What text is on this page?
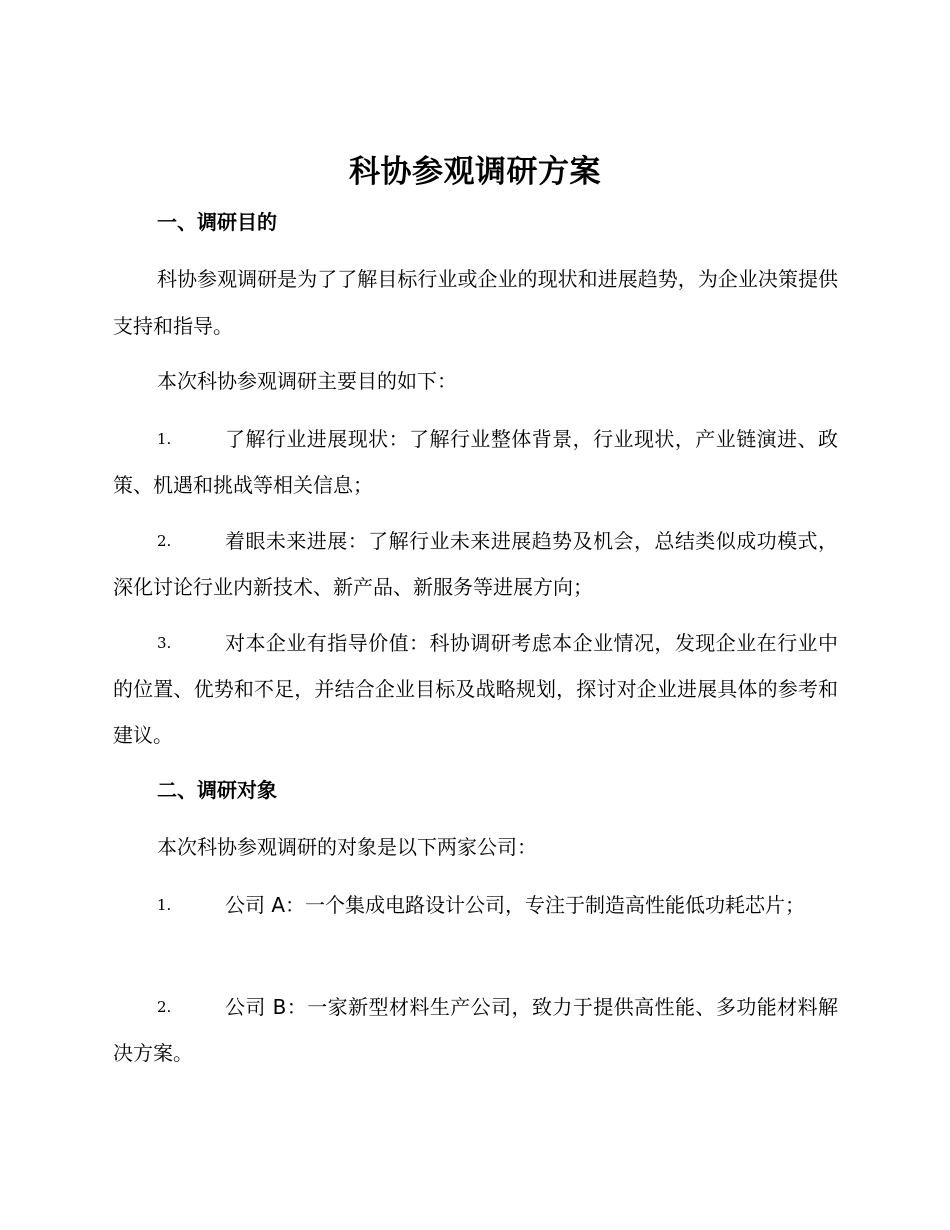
科协参观调研方案
一、调研目的
科协参观调研是为了了解目标行业或企业的现状和进展趋势，为企业决策提供支持和指导。
本次科协参观调研主要目的如下：
1.	了解行业进展现状：了解行业整体背景，行业现状，产业链演进、政策、机遇和挑战等相关信息；
2.	着眼未来进展：了解行业未来进展趋势及机会，总结类似成功模式，深化讨论行业内新技术、新产品、新服务等进展方向；
3.	对本企业有指导价值：科协调研考虑本企业情况，发现企业在行业中的位置、优势和不足，并结合企业目标及战略规划，探讨对企业进展具体的参考和建议。
二、调研对象
本次科协参观调研的对象是以下两家公司：
1.	公司 A：一个集成电路设计公司，专注于制造高性能低功耗芯片；
2.	公司 B：一家新型材料生产公司，致力于提供高性能、多功能材料解决方案。
